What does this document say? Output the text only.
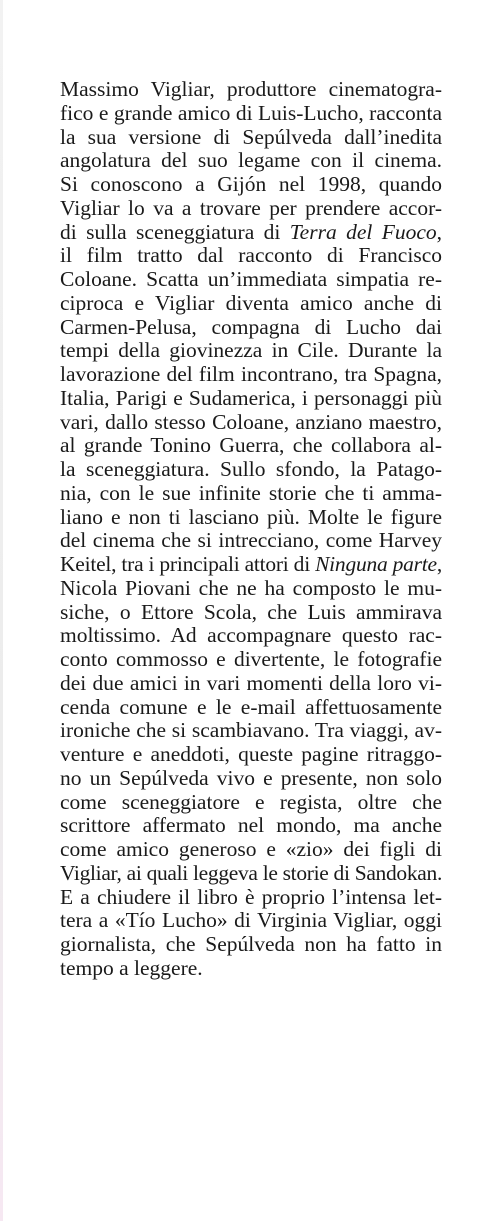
Massimo Vigliar, produttore cinematogra-
fico e grande amico di Luis-Lucho, racconta
la sua versione di Sepúlveda dall’inedita
angolatura del suo legame con il cinema.
Si conoscono a Gijón nel 1998, quando
Vigliar lo va a trovare per prendere accor-
di sulla sceneggiatura di Terra del Fuoco,
il film tratto dal racconto di Francisco
Coloane. Scatta un’immediata simpatia re-
ciproca e Vigliar diventa amico anche di
Carmen-Pelusa, compagna di Lucho dai
tempi della giovinezza in Cile. Durante la
lavorazione del film incontrano, tra Spagna,
Italia, Parigi e Sudamerica, i personaggi più
vari, dallo stesso Coloane, anziano maestro,
al grande Tonino Guerra, che collabora al-
la sceneggiatura. Sullo sfondo, la Patago-
nia, con le sue infinite storie che ti amma-
liano e non ti lasciano più. Molte le figure
del cinema che si intrecciano, come Harvey
Keitel, tra i principali attori di Ninguna parte,
Nicola Piovani che ne ha composto le mu-
siche, o Ettore Scola, che Luis ammirava
moltissimo. Ad accompagnare questo rac-
conto commosso e divertente, le fotografie
dei due amici in vari momenti della loro vi-
cenda comune e le e-mail affettuosamente
ironiche che si scambiavano. Tra viaggi, av-
venture e aneddoti, queste pagine ritraggo-
no un Sepúlveda vivo e presente, non solo
come sceneggiatore e regista, oltre che
scrittore affermato nel mondo, ma anche
come amico generoso e «zio» dei figli di
Vigliar, ai quali leggeva le storie di Sandokan.
E a chiudere il libro è proprio l’intensa let-
tera a «Tío Lucho» di Virginia Vigliar, oggi
giornalista, che Sepúlveda non ha fatto in
tempo a leggere.
